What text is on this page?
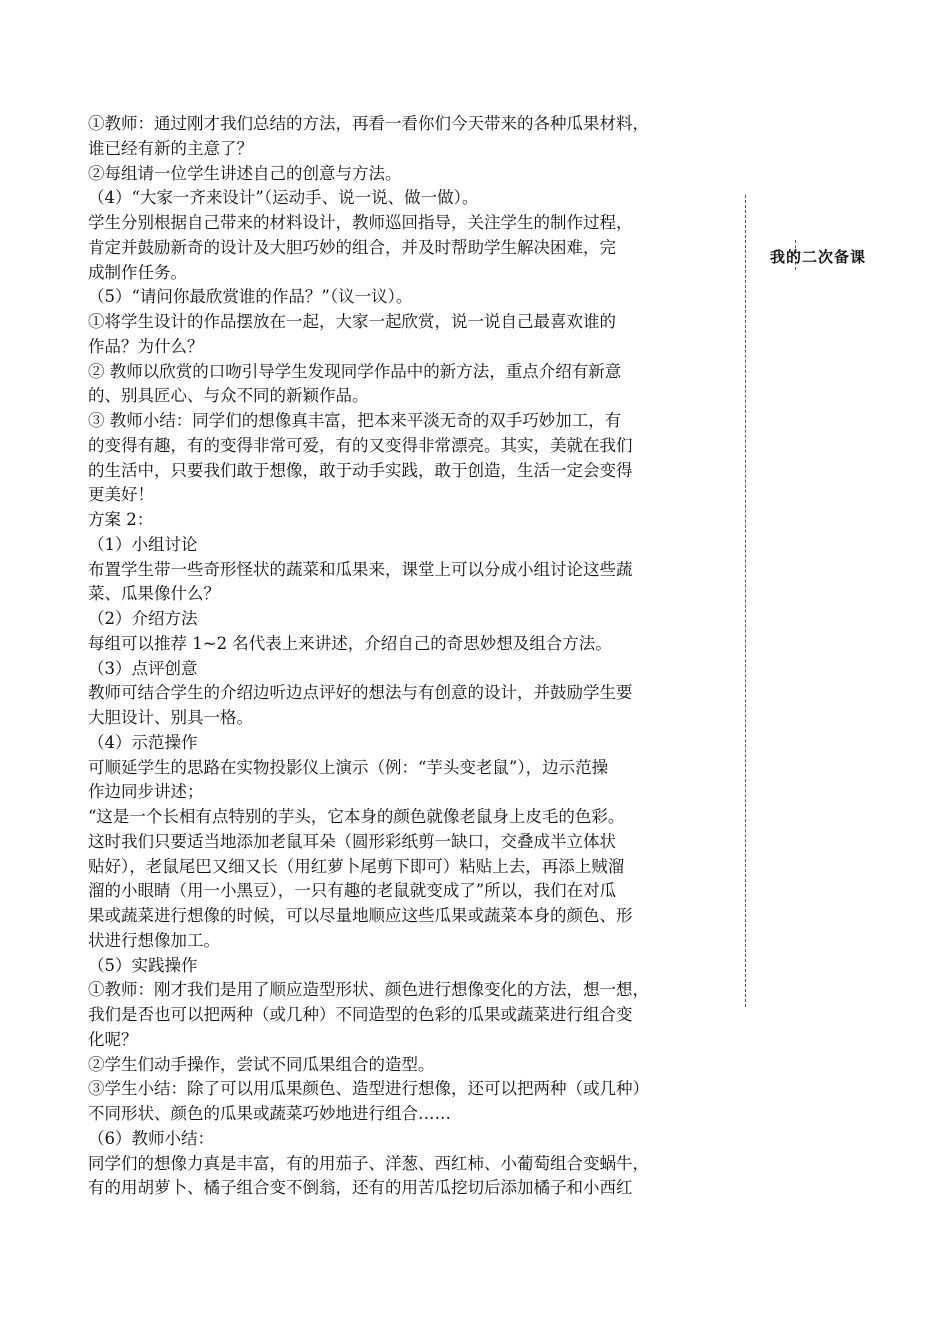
①教师：通过刚才我们总结的方法，再看一看你们今天带来的各种瓜果材料，
谁已经有新的主意了？
②每组请一位学生讲述自己的创意与方法。
（4）“大家一齐来设计”（运动手、说一说、做一做）。
学生分别根据自己带来的材料设计，教师巡回指导，关注学生的制作过程，
肯定并鼓励新奇的设计及大胆巧妙的组合，并及时帮助学生解决困难，完
成制作任务。
（5）“请问你最欣赏谁的作品？”（议一议）。
①将学生设计的作品摆放在一起，大家一起欣赏，说一说自己最喜欢谁的
作品？为什么？
② 教师以欣赏的口吻引导学生发现同学作品中的新方法，重点介绍有新意
的、别具匠心、与众不同的新颖作品。
③ 教师小结：同学们的想像真丰富，把本来平淡无奇的双手巧妙加工，有
的变得有趣，有的变得非常可爱，有的又变得非常漂亮。其实，美就在我们
的生活中，只要我们敢于想像，敢于动手实践，敢于创造，生活一定会变得
更美好！
方案 2：
（1）小组讨论
布置学生带一些奇形怪状的蔬菜和瓜果来，课堂上可以分成小组讨论这些蔬
菜、瓜果像什么？
（2）介绍方法
每组可以推荐 1~2 名代表上来讲述，介绍自己的奇思妙想及组合方法。
（3）点评创意
教师可结合学生的介绍边听边点评好的想法与有创意的设计，并鼓励学生要
大胆设计、别具一格。
（4）示范操作
可顺延学生的思路在实物投影仪上演示（例：“芋头变老鼠”），边示范操
作边同步讲述；
“这是一个长相有点特别的芋头，它本身的颜色就像老鼠身上皮毛的色彩。
这时我们只要适当地添加老鼠耳朵（圆形彩纸剪一缺口，交叠成半立体状
贴好），老鼠尾巴又细又长（用红萝卜尾剪下即可）粘贴上去，再添上贼溜
溜的小眼睛（用一小黑豆），一只有趣的老鼠就变成了”所以，我们在对瓜
果或蔬菜进行想像的时候，可以尽量地顺应这些瓜果或蔬菜本身的颜色、形
状进行想像加工。
（5）实践操作
①教师：刚才我们是用了顺应造型形状、颜色进行想像变化的方法，想一想，
我们是否也可以把两种（或几种）不同造型的色彩的瓜果或蔬菜进行组合变
化呢？
②学生们动手操作，尝试不同瓜果组合的造型。
③学生小结：除了可以用瓜果颜色、造型进行想像，还可以把两种（或几种）
不同形状、颜色的瓜果或蔬菜巧妙地进行组合……
（6）教师小结：
同学们的想像力真是丰富，有的用茄子、洋葱、西红柿、小葡萄组合变蜗牛，
有的用胡萝卜、橘子组合变不倒翁，还有的用苦瓜挖切后添加橘子和小西红
我的二次备课
